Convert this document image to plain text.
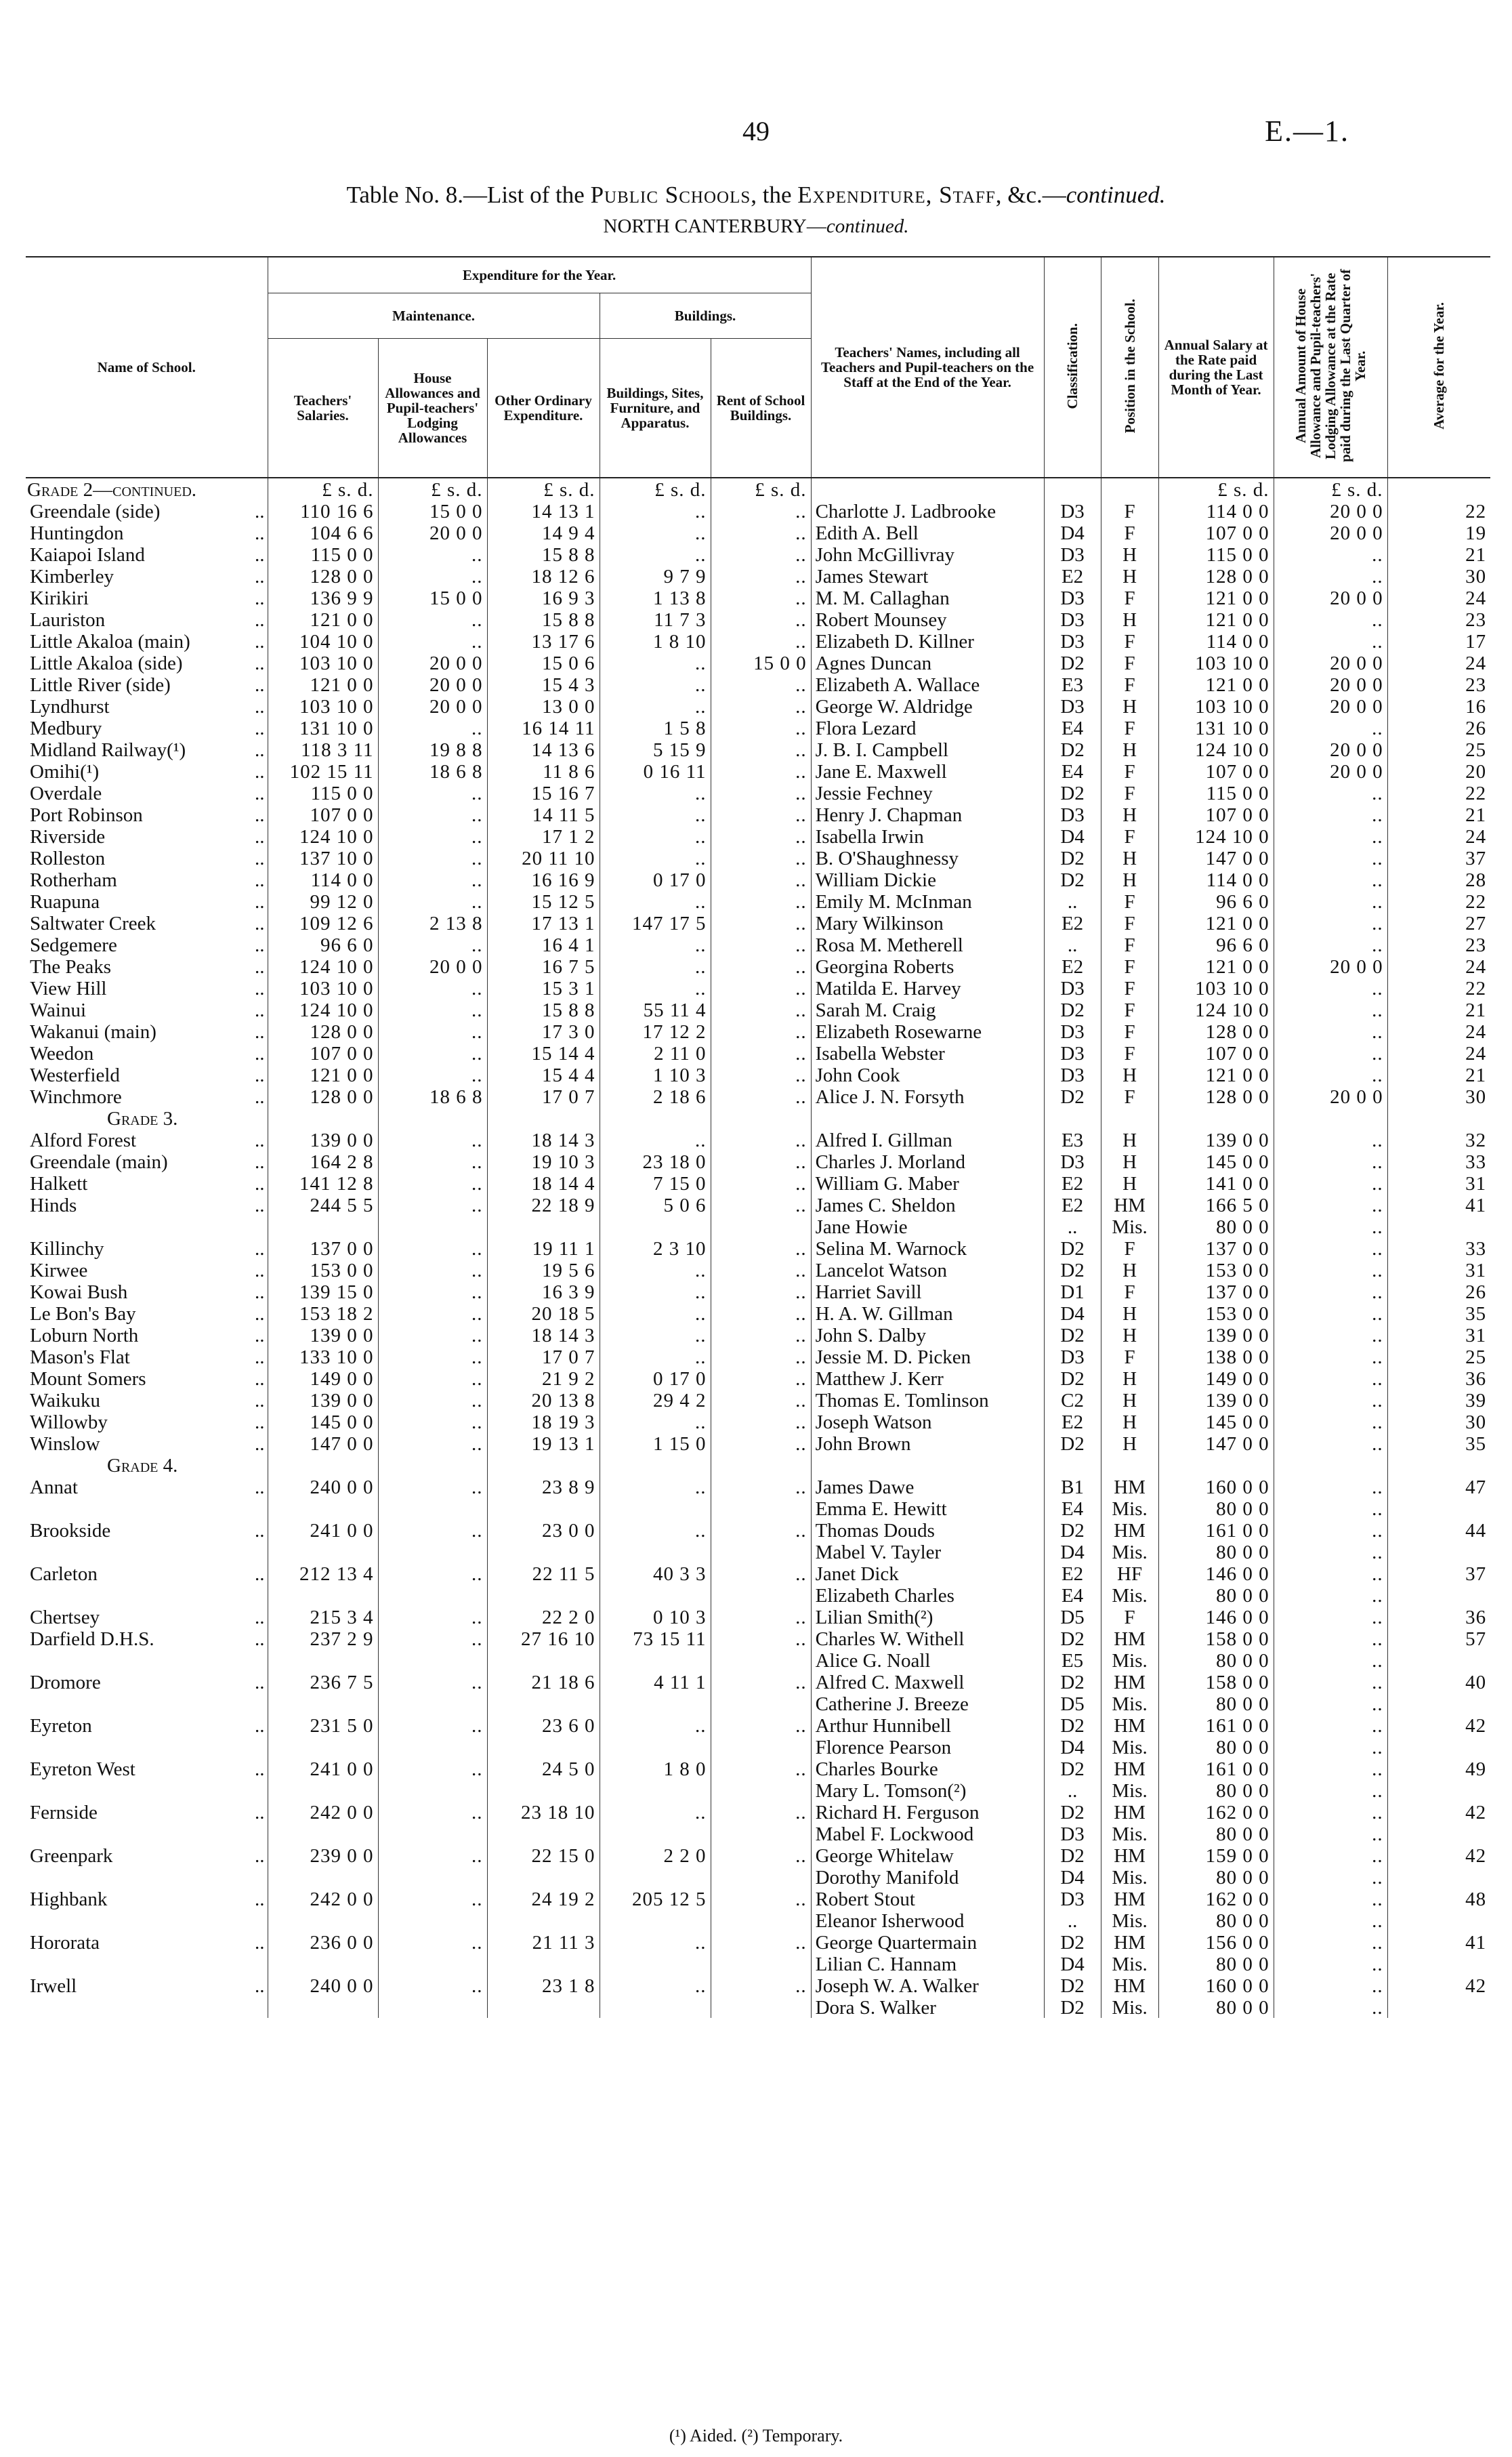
49	E.—1.
Table No. 8.—List of the Public Schools, the Expenditure, Staff, &c.—continued.
NORTH CANTERBURY—continued.
Name of School.	Expenditure for the Year.					Teachers' Names, including all Teachers and Pupil-teachers on the Staff at the End of the Year.	Classification.	Position in the School.	Annual Salary at the Rate paid during the Last Month of Year.	Annual Amount of House Allowance and Pupil-teachers' Lodging Allowance at the Rate paid during the Last Quarter of Year.	Average for the Year.
	Maintenance.			Buildings.							
	Teachers' Salaries.	House Allowances and Pupil-teachers' Lodging Allowances	Other Ordinary Expenditure.	Buildings, Sites, Furniture, and Apparatus.	Rent of School Buildings.						
Grade 2—continued.	£ s. d.	£ s. d.	£ s. d.	£ s. d.	£ s. d.				£ s. d.	£ s. d.	
Greendale (side) ..	110 16 6	15 0 0	14 13 1	..	..	Charlotte J. Ladbrooke	D3	F	114 0 0	20 0 0	22
Huntingdon ..	104 6 6	20 0 0	14 9 4	..	..	Edith A. Bell	D4	F	107 0 0	20 0 0	19
Kaiapoi Island ..	115 0 0	..	15 8 8	..	..	John McGillivray	D3	H	115 0 0	..	21
Kimberley ..	128 0 0	..	18 12 6	9 7 9	..	James Stewart	E2	H	128 0 0	..	30
Kirikiri ..	136 9 9	15 0 0	16 9 3	1 13 8	..	M. M. Callaghan	D3	F	121 0 0	20 0 0	24
Lauriston ..	121 0 0	..	15 8 8	11 7 3	..	Robert Mounsey	D3	H	121 0 0	..	23
Little Akaloa (main) ..	104 10 0	..	13 17 6	1 8 10	..	Elizabeth D. Killner	D3	F	114 0 0	..	17
Little Akaloa (side) ..	103 10 0	20 0 0	15 0 6	..	15 0 0	Agnes Duncan	D2	F	103 10 0	20 0 0	24
Little River (side) ..	121 0 0	20 0 0	15 4 3	..	..	Elizabeth A. Wallace	E3	F	121 0 0	20 0 0	23
Lyndhurst ..	103 10 0	20 0 0	13 0 0	..	..	George W. Aldridge	D3	H	103 10 0	20 0 0	16
Medbury ..	131 10 0	..	16 14 11	1 5 8	..	Flora Lezard	E4	F	131 10 0	..	26
Midland Railway(¹) ..	118 3 11	19 8 8	14 13 6	5 15 9	..	J. B. I. Campbell	D2	H	124 10 0	20 0 0	25
Omihi(¹) ..	102 15 11	18 6 8	11 8 6	0 16 11	..	Jane E. Maxwell	E4	F	107 0 0	20 0 0	20
Overdale ..	115 0 0	..	15 16 7	..	..	Jessie Fechney	D2	F	115 0 0	..	22
Port Robinson ..	107 0 0	..	14 11 5	..	..	Henry J. Chapman	D3	H	107 0 0	..	21
Riverside ..	124 10 0	..	17 1 2	..	..	Isabella Irwin	D4	F	124 10 0	..	24
Rolleston ..	137 10 0	..	20 11 10	..	..	B. O'Shaughnessy	D2	H	147 0 0	..	37
Rotherham ..	114 0 0	..	16 16 9	0 17 0	..	William Dickie	D2	H	114 0 0	..	28
Ruapuna ..	99 12 0	..	15 12 5	..	..	Emily M. McInman	..	F	96 6 0	..	22
Saltwater Creek ..	109 12 6	2 13 8	17 13 1	147 17 5	..	Mary Wilkinson	E2	F	121 0 0	..	27
Sedgemere ..	96 6 0	..	16 4 1	..	..	Rosa M. Metherell	..	F	96 6 0	..	23
The Peaks ..	124 10 0	20 0 0	16 7 5	..	..	Georgina Roberts	E2	F	121 0 0	20 0 0	24
View Hill ..	103 10 0	..	15 3 1	..	..	Matilda E. Harvey	D3	F	103 10 0	..	22
Wainui ..	124 10 0	..	15 8 8	55 11 4	..	Sarah M. Craig	D2	F	124 10 0	..	21
Wakanui (main) ..	128 0 0	..	17 3 0	17 12 2	..	Elizabeth Rosewarne	D3	F	128 0 0	..	24
Weedon ..	107 0 0	..	15 14 4	2 11 0	..	Isabella Webster	D3	F	107 0 0	..	24
Westerfield ..	121 0 0	..	15 4 4	1 10 3	..	John Cook	D3	H	121 0 0	..	21
Winchmore ..	128 0 0	18 6 8	17 0 7	2 18 6	..	Alice J. N. Forsyth	D2	F	128 0 0	20 0 0	30
Grade 3.											
Alford Forest ..	139 0 0	..	18 14 3	..	..	Alfred I. Gillman	E3	H	139 0 0	..	32
Greendale (main) ..	164 2 8	..	19 10 3	23 18 0	..	Charles J. Morland	D3	H	145 0 0	..	33
Halkett ..	141 12 8	..	18 14 4	7 15 0	..	William G. Maber	E2	H	141 0 0	..	31
Hinds ..	244 5 5	..	22 18 9	5 0 6	..	James C. Sheldon	E2	HM	166 5 0	..	41
						Jane Howie	..	Mis.	80 0 0	..	
Killinchy ..	137 0 0	..	19 11 1	2 3 10	..	Selina M. Warnock	D2	F	137 0 0	..	33
Kirwee ..	153 0 0	..	19 5 6	..	..	Lancelot Watson	D2	H	153 0 0	..	31
Kowai Bush ..	139 15 0	..	16 3 9	..	..	Harriet Savill	D1	F	137 0 0	..	26
Le Bon's Bay ..	153 18 2	..	20 18 5	..	..	H. A. W. Gillman	D4	H	153 0 0	..	35
Loburn North ..	139 0 0	..	18 14 3	..	..	John S. Dalby	D2	H	139 0 0	..	31
Mason's Flat ..	133 10 0	..	17 0 7	..	..	Jessie M. D. Picken	D3	F	138 0 0	..	25
Mount Somers ..	149 0 0	..	21 9 2	0 17 0	..	Matthew J. Kerr	D2	H	149 0 0	..	36
Waikuku ..	139 0 0	..	20 13 8	29 4 2	..	Thomas E. Tomlinson	C2	H	139 0 0	..	39
Willowby ..	145 0 0	..	18 19 3	..	..	Joseph Watson	E2	H	145 0 0	..	30
Winslow ..	147 0 0	..	19 13 1	1 15 0	..	John Brown	D2	H	147 0 0	..	35
Grade 4.											
Annat ..	240 0 0	..	23 8 9	..	..	James Dawe	B1	HM	160 0 0	..	47
						Emma E. Hewitt	E4	Mis.	80 0 0	..	
Brookside ..	241 0 0	..	23 0 0	..	..	Thomas Douds	D2	HM	161 0 0	..	44
						Mabel V. Tayler	D4	Mis.	80 0 0	..	
Carleton ..	212 13 4	..	22 11 5	40 3 3	..	Janet Dick	E2	HF	146 0 0	..	37
						Elizabeth Charles	E4	Mis.	80 0 0	..	
Chertsey ..	215 3 4	..	22 2 0	0 10 3	..	Lilian Smith(²)	D5	F	146 0 0	..	36
Darfield D.H.S. ..	237 2 9	..	27 16 10	73 15 11	..	Charles W. Withell	D2	HM	158 0 0	..	57
						Alice G. Noall	E5	Mis.	80 0 0	..	
Dromore ..	236 7 5	..	21 18 6	4 11 1	..	Alfred C. Maxwell	D2	HM	158 0 0	..	40
						Catherine J. Breeze	D5	Mis.	80 0 0	..	
Eyreton ..	231 5 0	..	23 6 0	..	..	Arthur Hunnibell	D2	HM	161 0 0	..	42
						Florence Pearson	D4	Mis.	80 0 0	..	
Eyreton West ..	241 0 0	..	24 5 0	1 8 0	..	Charles Bourke	D2	HM	161 0 0	..	49
						Mary L. Tomson(²)	..	Mis.	80 0 0	..	
Fernside ..	242 0 0	..	23 18 10	..	..	Richard H. Ferguson	D2	HM	162 0 0	..	42
						Mabel F. Lockwood	D3	Mis.	80 0 0	..	
Greenpark ..	239 0 0	..	22 15 0	2 2 0	..	George Whitelaw	D2	HM	159 0 0	..	42
						Dorothy Manifold	D4	Mis.	80 0 0	..	
Highbank ..	242 0 0	..	24 19 2	205 12 5	..	Robert Stout	D3	HM	162 0 0	..	48
						Eleanor Isherwood	..	Mis.	80 0 0	..	
Hororata ..	236 0 0	..	21 11 3	..	..	George Quartermain	D2	HM	156 0 0	..	41
						Lilian C. Hannam	D4	Mis.	80 0 0	..	
Irwell ..	240 0 0	..	23 1 8	..	..	Joseph W. A. Walker	D2	HM	160 0 0	..	42
						Dora S. Walker	D2	Mis.	80 0 0	..	
(¹) Aided. (²) Temporary.
